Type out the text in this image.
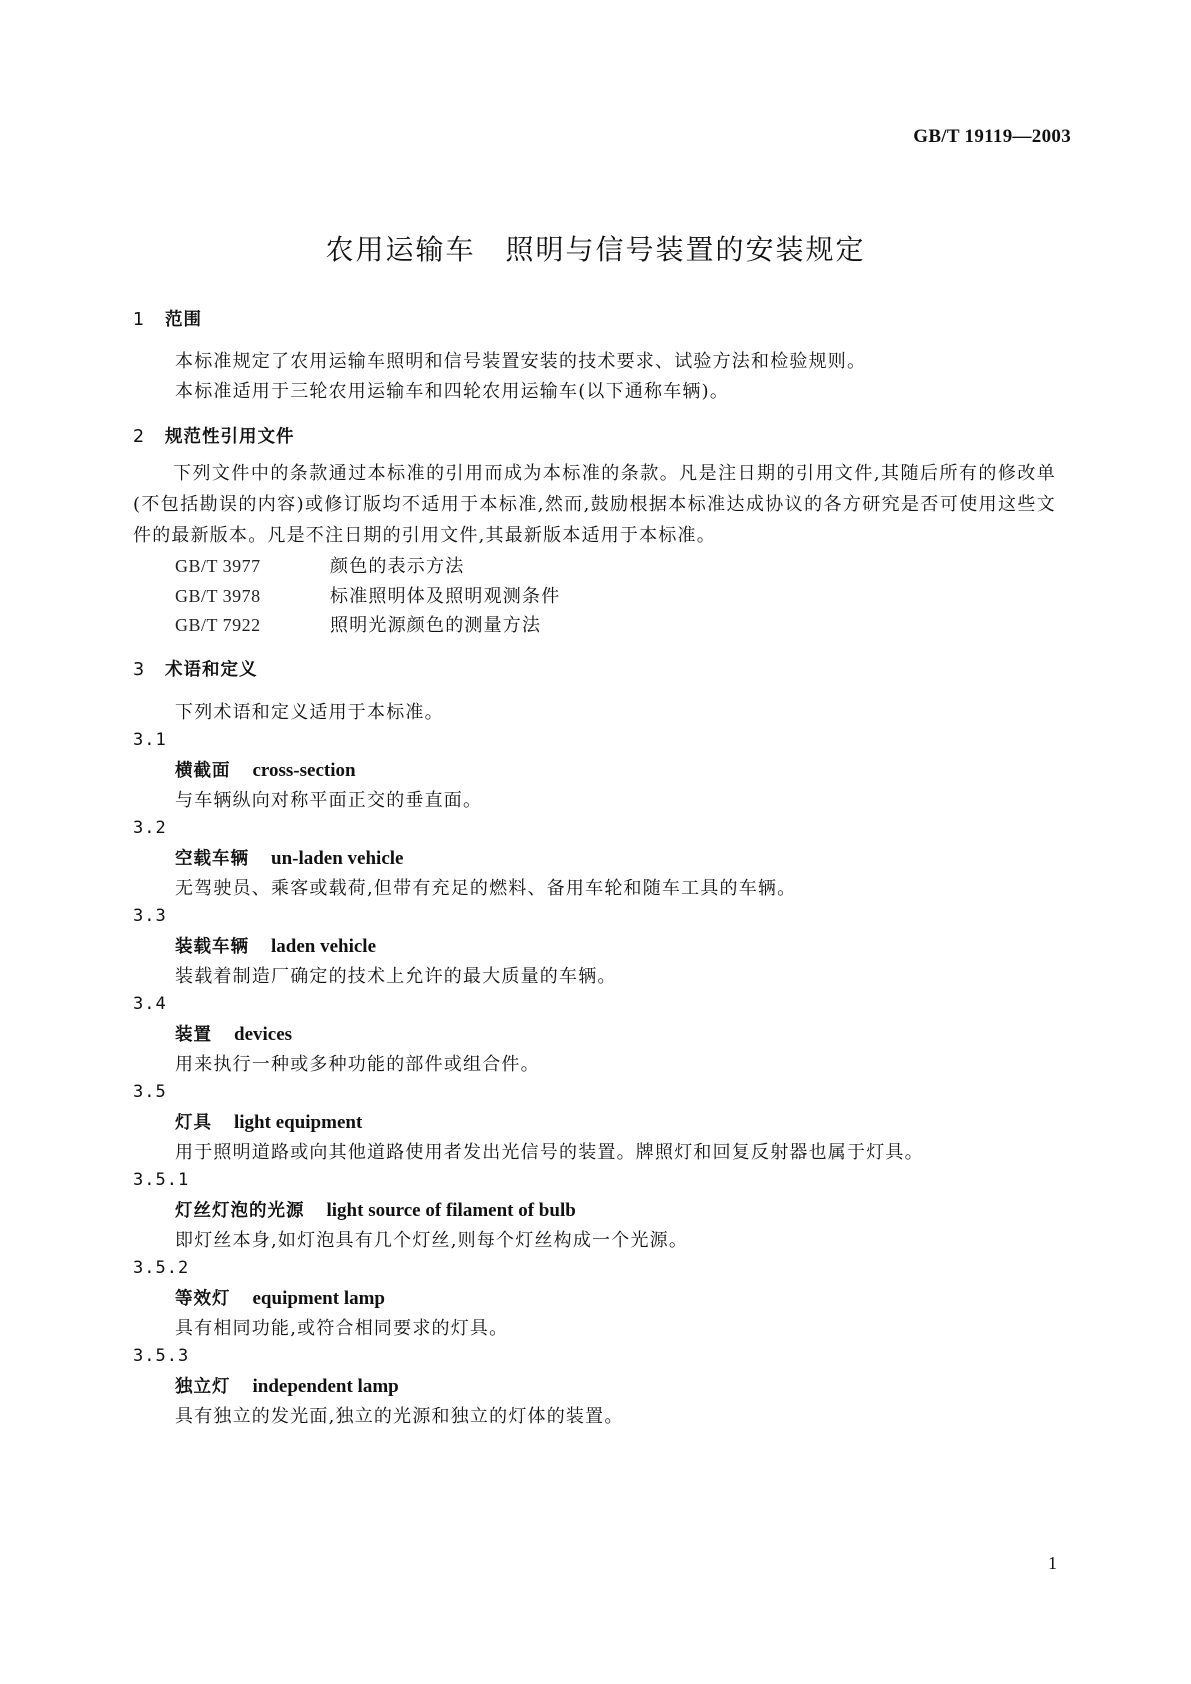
GB/T 19119—2003
农用运输车　照明与信号装置的安装规定
1 范围
本标准规定了农用运输车照明和信号装置安装的技术要求、试验方法和检验规则。
本标准适用于三轮农用运输车和四轮农用运输车(以下通称车辆)。
2 规范性引用文件
下列文件中的条款通过本标准的引用而成为本标准的条款。凡是注日期的引用文件,其随后所有的修改单(不包括勘误的内容)或修订版均不适用于本标准,然而,鼓励根据本标准达成协议的各方研究是否可使用这些文件的最新版本。凡是不注日期的引用文件,其最新版本适用于本标准。
GB/T 3977	颜色的表示方法
GB/T 3978	标准照明体及照明观测条件
GB/T 7922	照明光源颜色的测量方法
3 术语和定义
下列术语和定义适用于本标准。
3.1
横截面 cross-section
与车辆纵向对称平面正交的垂直面。
3.2
空载车辆 un-laden vehicle
无驾驶员、乘客或载荷,但带有充足的燃料、备用车轮和随车工具的车辆。
3.3
装载车辆 laden vehicle
装载着制造厂确定的技术上允许的最大质量的车辆。
3.4
装置 devices
用来执行一种或多种功能的部件或组合件。
3.5
灯具 light equipment
用于照明道路或向其他道路使用者发出光信号的装置。牌照灯和回复反射器也属于灯具。
3.5.1
灯丝灯泡的光源 light source of filament of bulb
即灯丝本身,如灯泡具有几个灯丝,则每个灯丝构成一个光源。
3.5.2
等效灯 equipment lamp
具有相同功能,或符合相同要求的灯具。
3.5.3
独立灯 independent lamp
具有独立的发光面,独立的光源和独立的灯体的装置。
1
